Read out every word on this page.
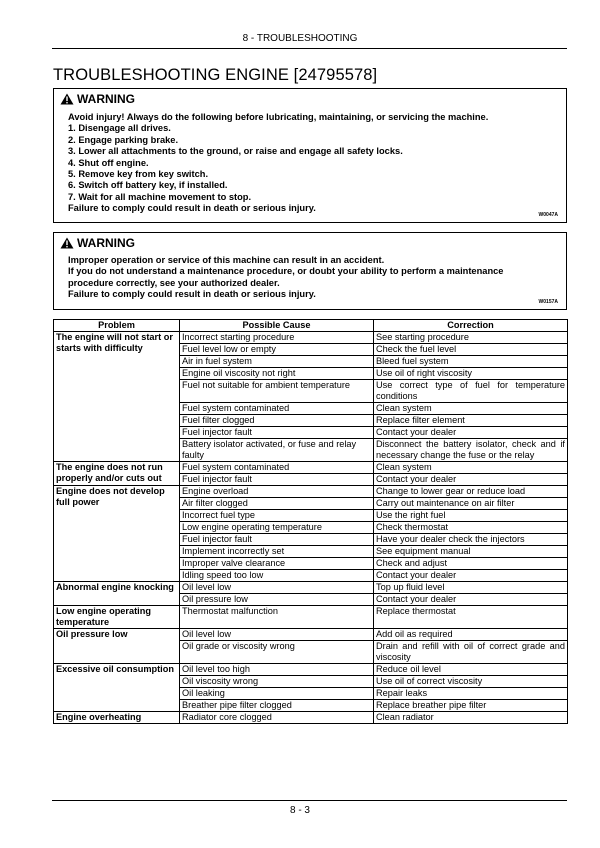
8 - TROUBLESHOOTING
TROUBLESHOOTING ENGINE [24795578]
WARNING
Avoid injury! Always do the following before lubricating, maintaining, or servicing the machine.
1. Disengage all drives.
2. Engage parking brake.
3. Lower all attachments to the ground, or raise and engage all safety locks.
4. Shut off engine.
5. Remove key from key switch.
6. Switch off battery key, if installed.
7. Wait for all machine movement to stop.
Failure to comply could result in death or serious injury.
W0047A
WARNING
Improper operation or service of this machine can result in an accident.
If you do not understand a maintenance procedure, or doubt your ability to perform a maintenance
procedure correctly, see your authorized dealer.
Failure to comply could result in death or serious injury.
W0157A
Problem	Possible Cause	Correction
The engine will not start or starts with difficulty	Incorrect starting procedure	See starting procedure
	Fuel level low or empty	Check the fuel level
	Air in fuel system	Bleed fuel system
	Engine oil viscosity not right	Use oil of right viscosity
	Fuel not suitable for ambient temperature	Use correct type of fuel for temperature conditions
	Fuel system contaminated	Clean system
	Fuel filter clogged	Replace filter element
	Fuel injector fault	Contact your dealer
	Battery isolator activated, or fuse and relay faulty	Disconnect the battery isolator, check and if necessary change the fuse or the relay
The engine does not run properly and/or cuts out	Fuel system contaminated	Clean system
	Fuel injector fault	Contact your dealer
Engine does not develop full power	Engine overload	Change to lower gear or reduce load
	Air filter clogged	Carry out maintenance on air filter
	Incorrect fuel type	Use the right fuel
	Low engine operating temperature	Check thermostat
	Fuel injector fault	Have your dealer check the injectors
	Implement incorrectly set	See equipment manual
	Improper valve clearance	Check and adjust
	Idling speed too low	Contact your dealer
Abnormal engine knocking	Oil level low	Top up fluid level
	Oil pressure low	Contact your dealer
Low engine operating temperature	Thermostat malfunction	Replace thermostat
Oil pressure low	Oil level low	Add oil as required
	Oil grade or viscosity wrong	Drain and refill with oil of correct grade and viscosity
Excessive oil consumption	Oil level too high	Reduce oil level
	Oil viscosity wrong	Use oil of correct viscosity
	Oil leaking	Repair leaks
	Breather pipe filter clogged	Replace breather pipe filter
Engine overheating	Radiator core clogged	Clean radiator
8 - 3
